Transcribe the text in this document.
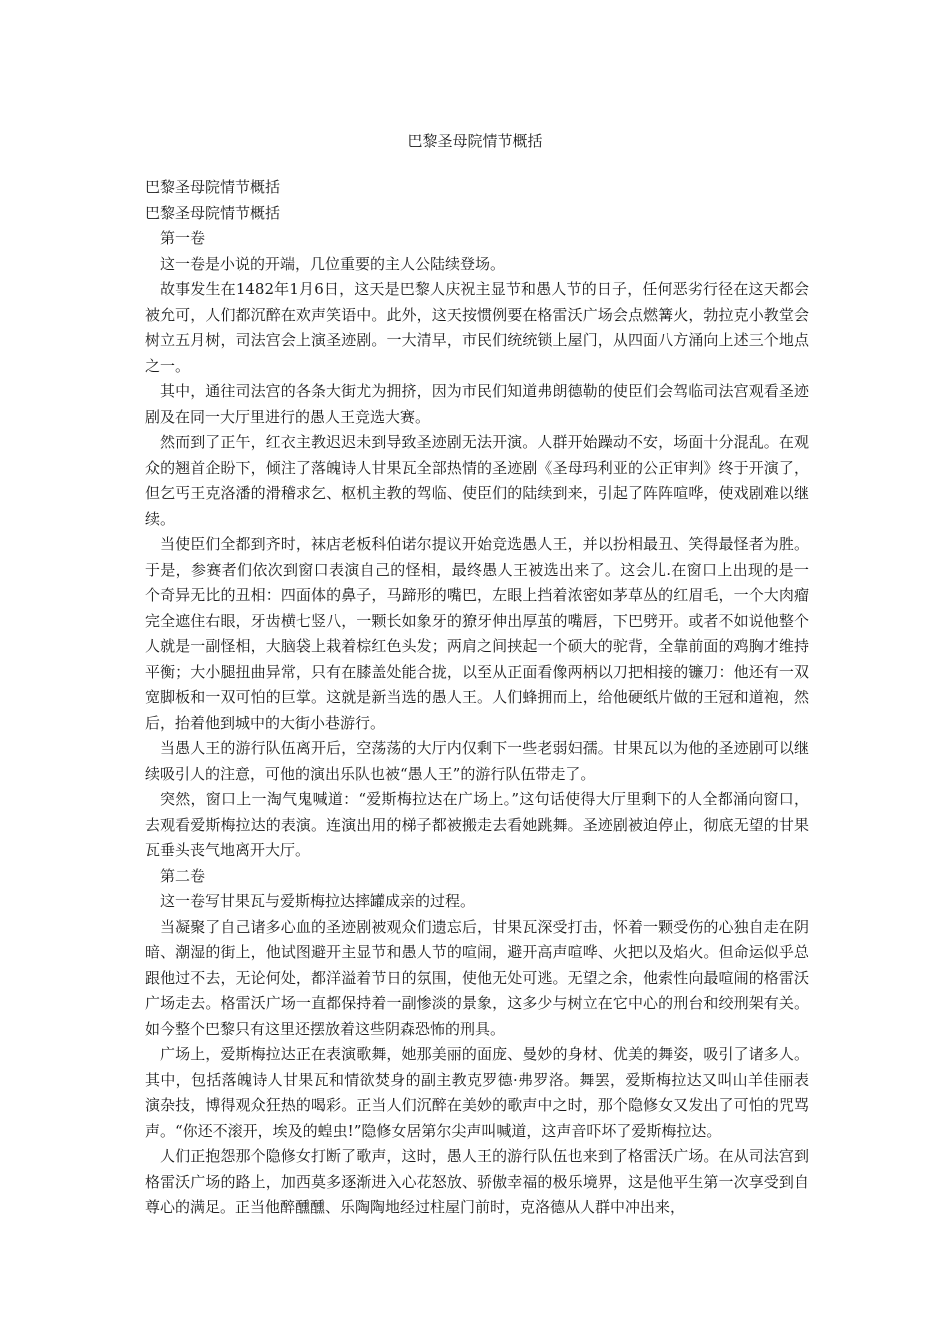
巴黎圣母院情节概括

巴黎圣母院情节概括

巴黎圣母院情节概括

第一卷

这一卷是小说的开端，几位重要的主人公陆续登场。

故事发生在1482年1月6日，这天是巴黎人庆祝主显节和愚人节的日子，任何恶劣行径在这天都会被允可，人们都沉醉在欢声笑语中。此外，这天按惯例要在格雷沃广场会点燃篝火，勃拉克小教堂会树立五月树，司法宫会上演圣迹剧。一大清早，市民们统统锁上屋门，从四面八方涌向上述三个地点之一。

其中，通往司法宫的各条大街尤为拥挤，因为市民们知道弗朗德勒的使臣们会驾临司法宫观看圣迹剧及在同一大厅里进行的愚人王竞选大赛。

然而到了正午，红衣主教迟迟未到导致圣迹剧无法开演。人群开始躁动不安，场面十分混乱。在观众的翘首企盼下，倾注了落魄诗人甘果瓦全部热情的圣迹剧《圣母玛利亚的公正审判》终于开演了，但乞丐王克洛潘的滑稽求乞、枢机主教的驾临、使臣们的陆续到来，引起了阵阵喧哗，使戏剧难以继续。

当使臣们全都到齐时，袜店老板科伯诺尔提议开始竞选愚人王，并以扮相最丑、笑得最怪者为胜。于是，参赛者们依次到窗口表演自己的怪相，最终愚人王被选出来了。这会儿.在窗口上出现的是一个奇异无比的丑相：四面体的鼻子，马蹄形的嘴巴，左眼上挡着浓密如茅草丛的红眉毛，一个大肉瘤完全遮住右眼，牙齿横七竖八，一颗长如象牙的獠牙伸出厚茧的嘴唇，下巴劈开。或者不如说他整个人就是一副怪相，大脑袋上栽着棕红色头发；两肩之间挟起一个硕大的驼背，全靠前面的鸡胸才维持平衡；大小腿扭曲异常，只有在膝盖处能合拢，以至从正面看像两柄以刀把相接的镰刀：他还有一双宽脚板和一双可怕的巨掌。这就是新当选的愚人王。人们蜂拥而上，给他硬纸片做的王冠和道袍，然后，抬着他到城中的大街小巷游行。

当愚人王的游行队伍离开后，空荡荡的大厅内仅剩下一些老弱妇孺。甘果瓦以为他的圣迹剧可以继续吸引人的注意，可他的演出乐队也被“愚人王”的游行队伍带走了。

突然，窗口上一淘气鬼喊道：“爱斯梅拉达在广场上。”这句话使得大厅里剩下的人全都涌向窗口，去观看爱斯梅拉达的表演。连演出用的梯子都被搬走去看她跳舞。圣迹剧被迫停止，彻底无望的甘果瓦垂头丧气地离开大厅。

第二卷

这一卷写甘果瓦与爱斯梅拉达摔罐成亲的过程。

当凝聚了自己诸多心血的圣迹剧被观众们遗忘后，甘果瓦深受打击，怀着一颗受伤的心独自走在阴暗、潮湿的街上，他试图避开主显节和愚人节的喧闹，避开高声喧哗、火把以及焰火。但命运似乎总跟他过不去，无论何处，都洋溢着节日的氛围，使他无处可逃。无望之余，他索性向最喧闹的格雷沃广场走去。格雷沃广场一直都保持着一副惨淡的景象，这多少与树立在它中心的刑台和绞刑架有关。如今整个巴黎只有这里还摆放着这些阴森恐怖的刑具。

广场上，爱斯梅拉达正在表演歌舞，她那美丽的面庞、曼妙的身材、优美的舞姿，吸引了诸多人。其中，包括落魄诗人甘果瓦和情欲焚身的副主教克罗德·弗罗洛。舞罢，爱斯梅拉达又叫山羊佳丽表演杂技，博得观众狂热的喝彩。正当人们沉醉在美妙的歌声中之时，那个隐修女又发出了可怕的咒骂声。“你还不滚开，埃及的蝗虫!”隐修女居第尔尖声叫喊道，这声音吓坏了爱斯梅拉达。

人们正抱怨那个隐修女打断了歌声，这时，愚人王的游行队伍也来到了格雷沃广场。在从司法宫到格雷沃广场的路上，加西莫多逐渐进入心花怒放、骄傲幸福的极乐境界，这是他平生第一次享受到自尊心的满足。正当他醉醺醺、乐陶陶地经过柱屋门前时，克洛德从人群中冲出来，
